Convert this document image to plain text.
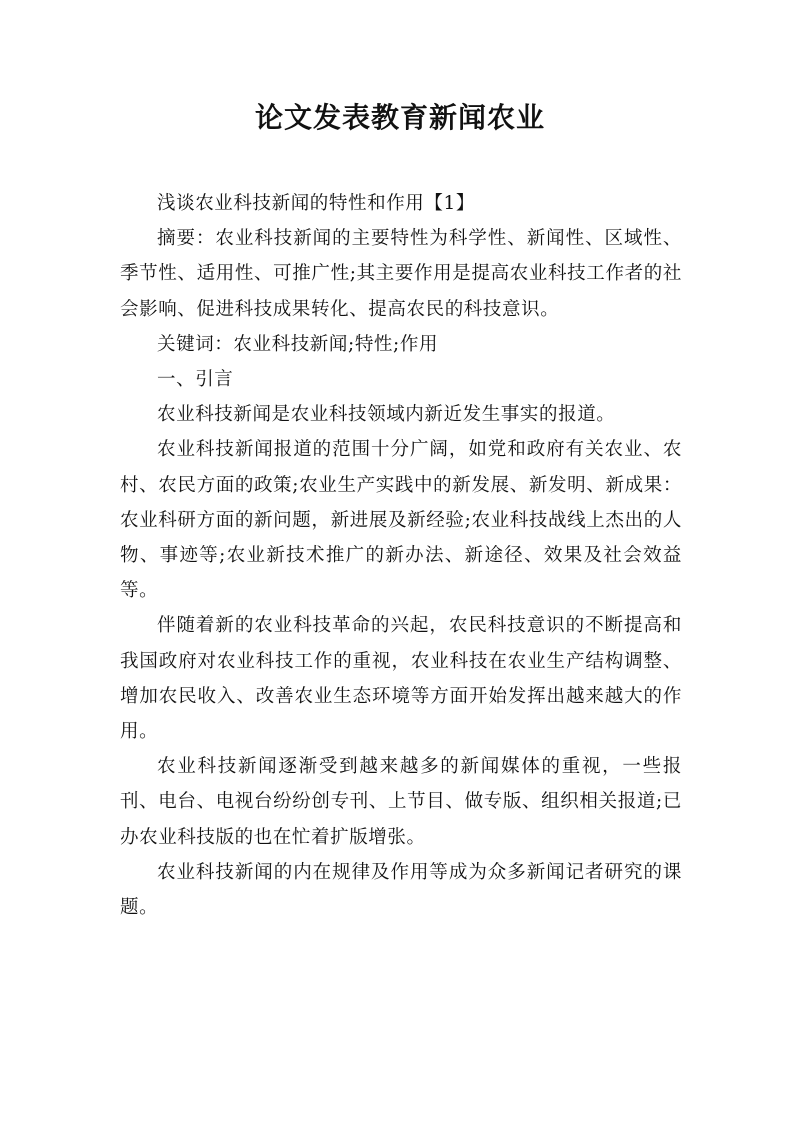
论文发表教育新闻农业

浅谈农业科技新闻的特性和作用【1】

摘要：农业科技新闻的主要特性为科学性、新闻性、区域性、季节性、适用性、可推广性;其主要作用是提高农业科技工作者的社会影响、促进科技成果转化、提高农民的科技意识。

关键词：农业科技新闻;特性;作用

一、引言

农业科技新闻是农业科技领域内新近发生事实的报道。

农业科技新闻报道的范围十分广阔，如党和政府有关农业、农村、农民方面的政策;农业生产实践中的新发展、新发明、新成果：农业科研方面的新问题，新进展及新经验;农业科技战线上杰出的人物、事迹等;农业新技术推广的新办法、新途径、效果及社会效益等。

伴随着新的农业科技革命的兴起，农民科技意识的不断提高和我国政府对农业科技工作的重视，农业科技在农业生产结构调整、增加农民收入、改善农业生态环境等方面开始发挥出越来越大的作用。

农业科技新闻逐渐受到越来越多的新闻媒体的重视，一些报刊、电台、电视台纷纷创专刊、上节目、做专版、组织相关报道;已办农业科技版的也在忙着扩版增张。

农业科技新闻的内在规律及作用等成为众多新闻记者研究的课题。
